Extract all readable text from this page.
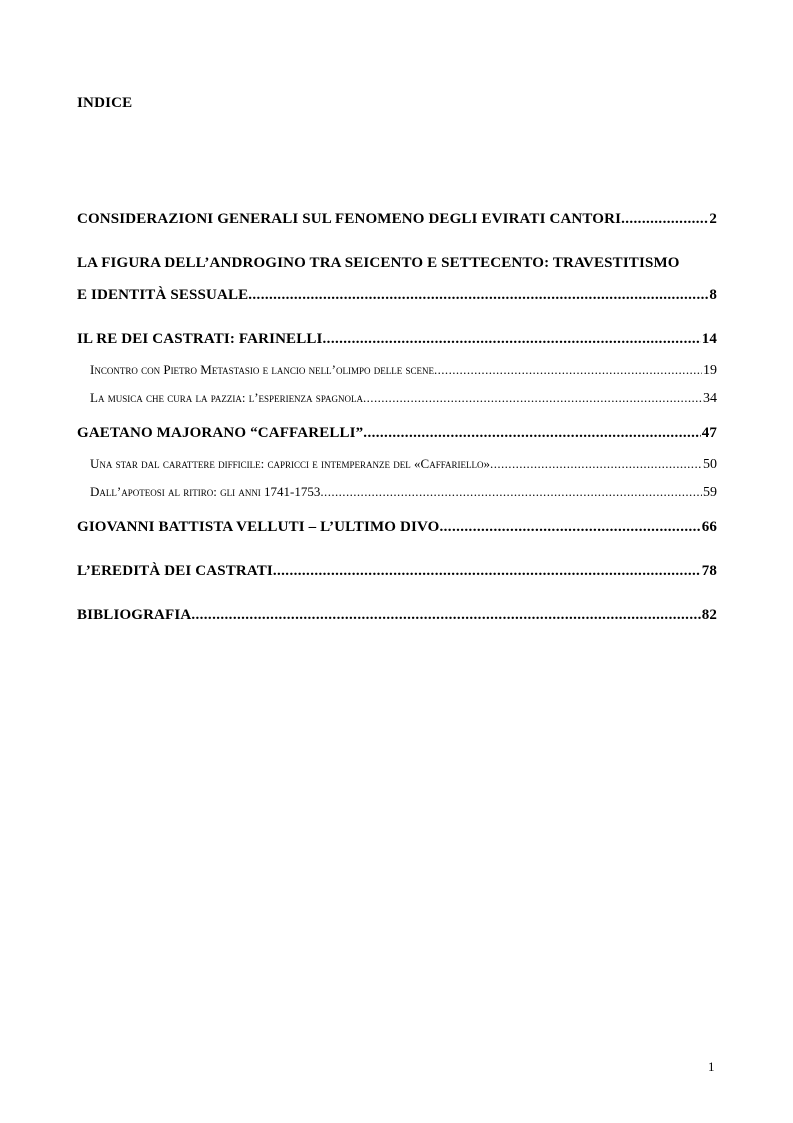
INDICE
CONSIDERAZIONI GENERALI SUL FENOMENO DEGLI EVIRATI CANTORI .....	2
LA FIGURA DELL’ANDROGINO TRA SEICENTO E SETTECENTO: TRAVESTITISMO
E IDENTITÀ SESSUALE .....	8
IL RE DEI CASTRATI: FARINELLI .....	14
Incontro con Pietro Metastasio e lancio nell’olimpo delle scene .....	19
La musica che cura la pazzia: l’esperienza spagnola .....	34
GAETANO MAJORANO “CAFFARELLI” .....	47
Una star dal carattere difficile: capricci e intemperanze del «Caffariello» .....	50
Dall’apoteosi al ritiro: gli anni 1741-1753 .....	59
GIOVANNI BATTISTA VELLUTI – L’ULTIMO DIVO .....	66
L’EREDITÀ DEI CASTRATI .....	78
BIBLIOGRAFIA .....	82
1
